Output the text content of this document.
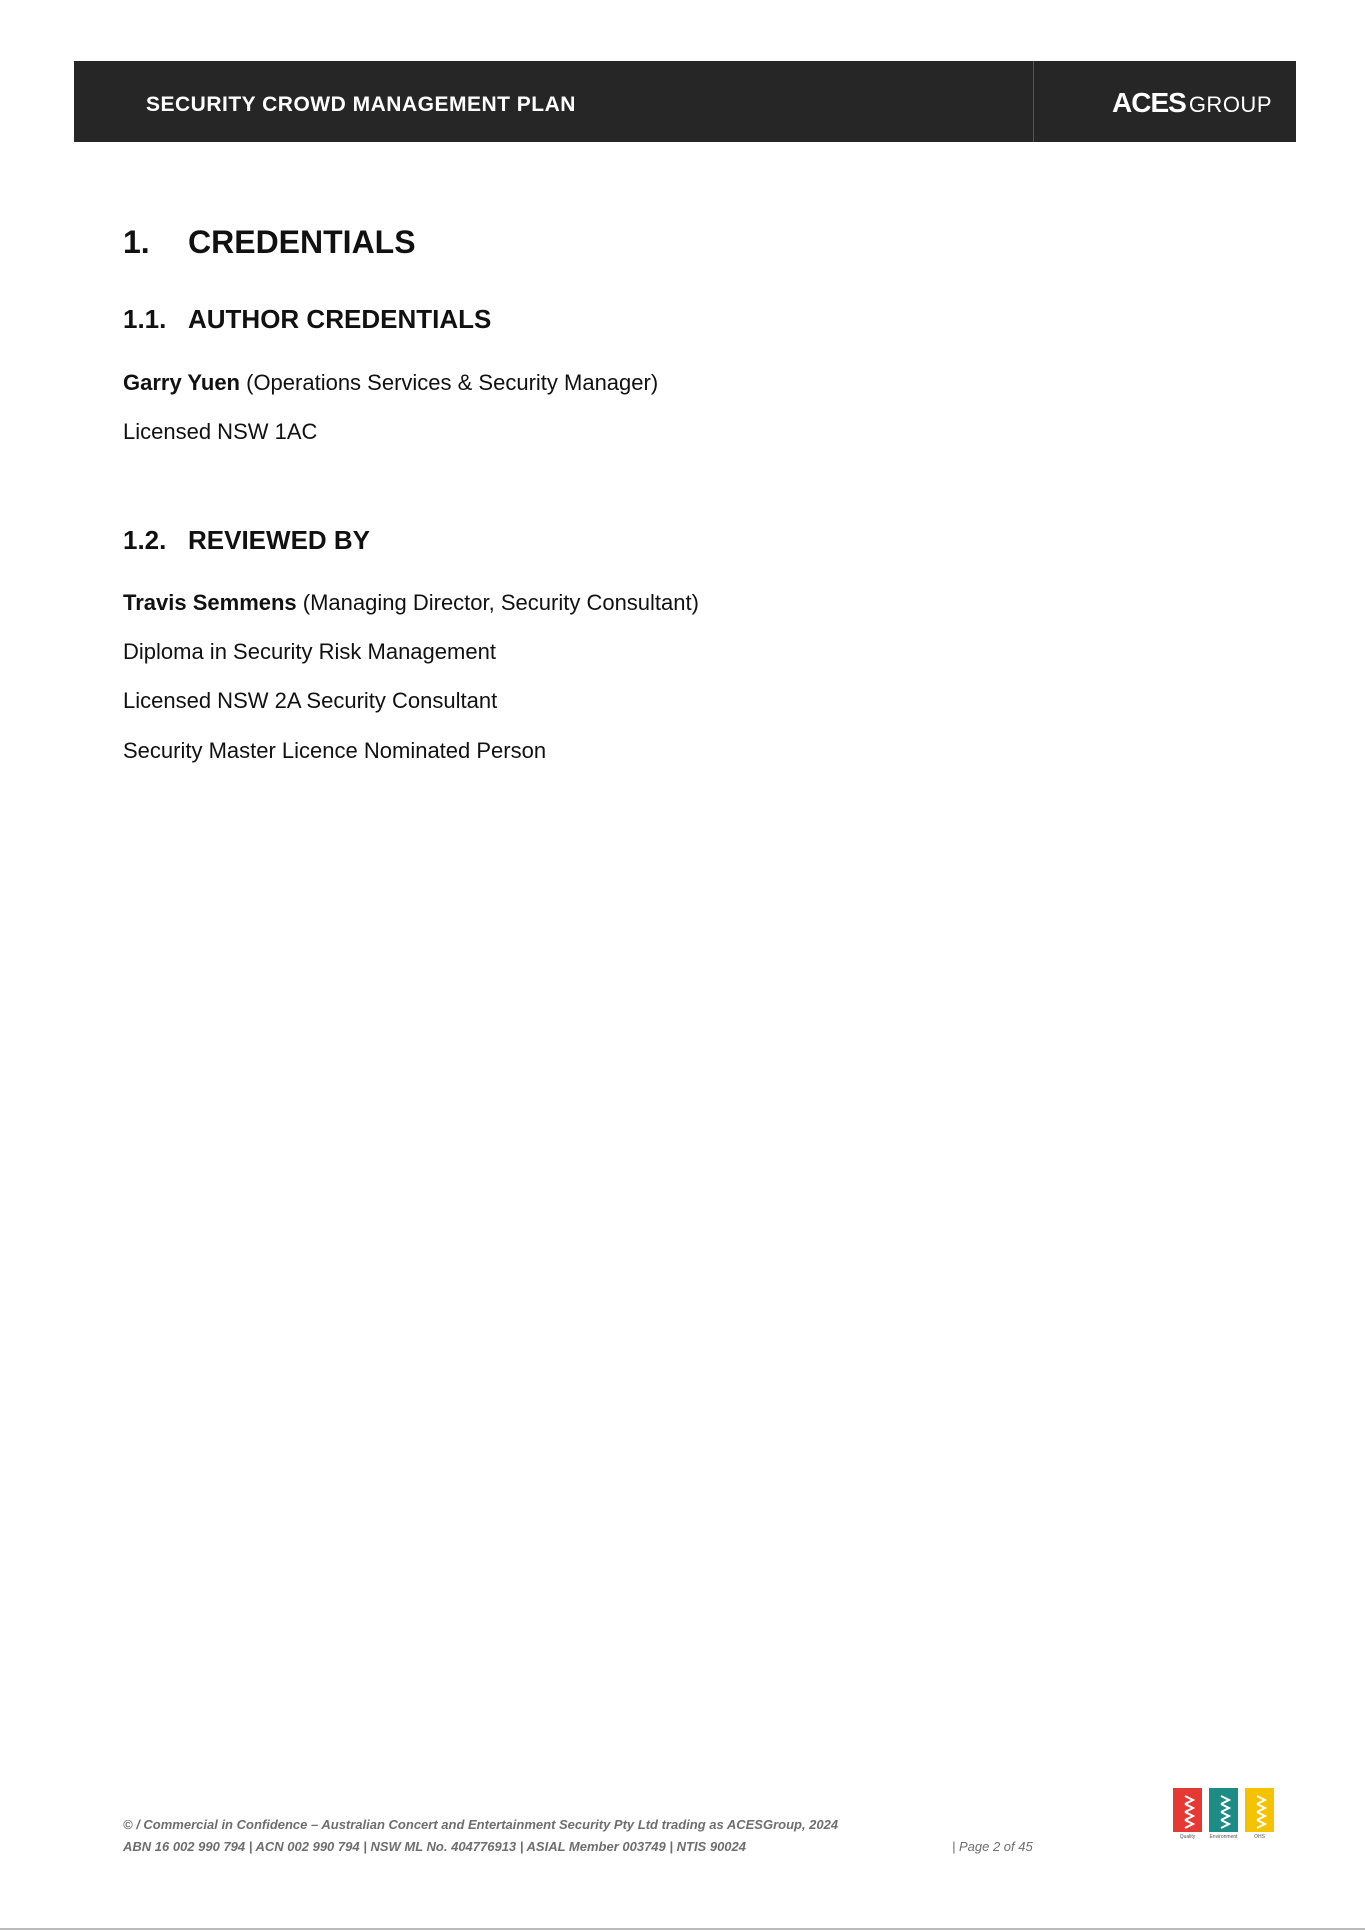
SECURITY CROWD MANAGEMENT PLAN	ACES GROUP
1. CREDENTIALS
1.1. AUTHOR CREDENTIALS
Garry Yuen (Operations Services & Security Manager)
Licensed NSW 1AC
1.2. REVIEWED BY
Travis Semmens (Managing Director, Security Consultant)
Diploma in Security Risk Management
Licensed NSW 2A Security Consultant
Security Master Licence Nominated Person
© / Commercial in Confidence – Australian Concert and Entertainment Security Pty Ltd trading as ACESGroup, 2024
ABN 16 002 990 794 | ACN 002 990 794 | NSW ML No. 404776913 | ASIAL Member 003749 | NTIS 90024	| Page 2 of 45
Quality	Environment	OHS
